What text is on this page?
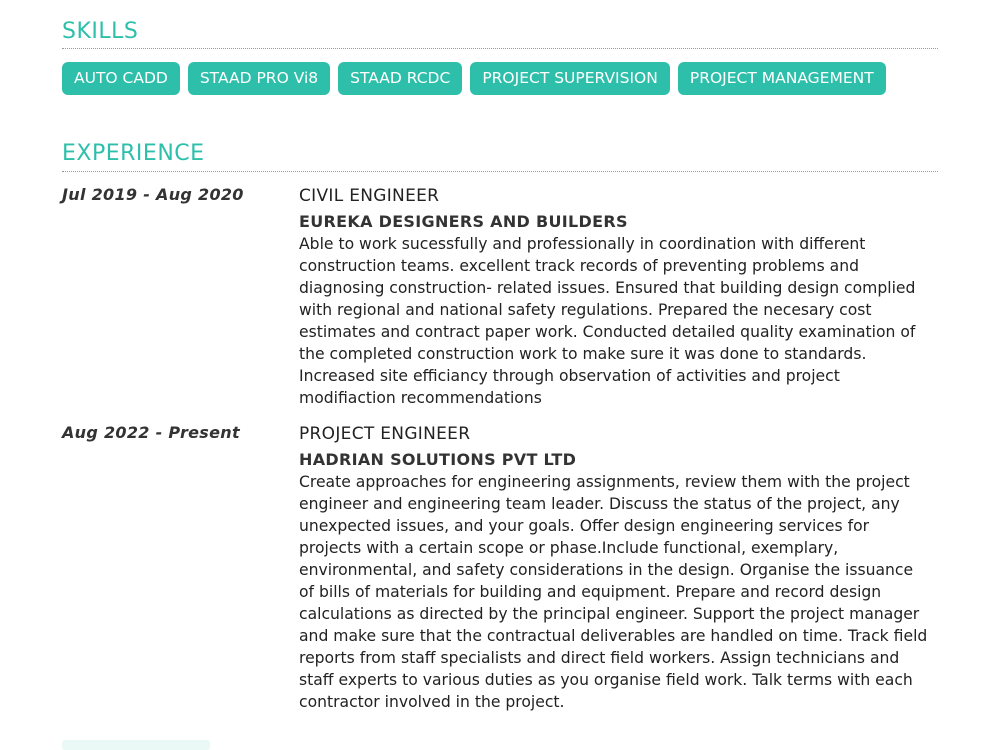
SKILLS
AUTO CADD	STAAD PRO Vi8	STAAD RCDC	PROJECT SUPERVISION	PROJECT MANAGEMENT
EXPERIENCE
Jul 2019 - Aug 2020	CIVIL ENGINEER
EUREKA DESIGNERS AND BUILDERS
Able to work sucessfully and professionally in coordination with different
construction teams. excellent track records of preventing problems and
diagnosing construction- related issues. Ensured that building design complied
with regional and national safety regulations. Prepared the necesary cost
estimates and contract paper work. Conducted detailed quality examination of
the completed construction work to make sure it was done to standards.
Increased site efficiancy through observation of activities and project
modifiaction recommendations
Aug 2022 - Present	PROJECT ENGINEER
HADRIAN SOLUTIONS PVT LTD
Create approaches for engineering assignments, review them with the project
engineer and engineering team leader. Discuss the status of the project, any
unexpected issues, and your goals. Offer design engineering services for
projects with a certain scope or phase.Include functional, exemplary,
environmental, and safety considerations in the design. Organise the issuance
of bills of materials for building and equipment. Prepare and record design
calculations as directed by the principal engineer. Support the project manager
and make sure that the contractual deliverables are handled on time. Track field
reports from staff specialists and direct field workers. Assign technicians and
staff experts to various duties as you organise field work. Talk terms with each
contractor involved in the project.
